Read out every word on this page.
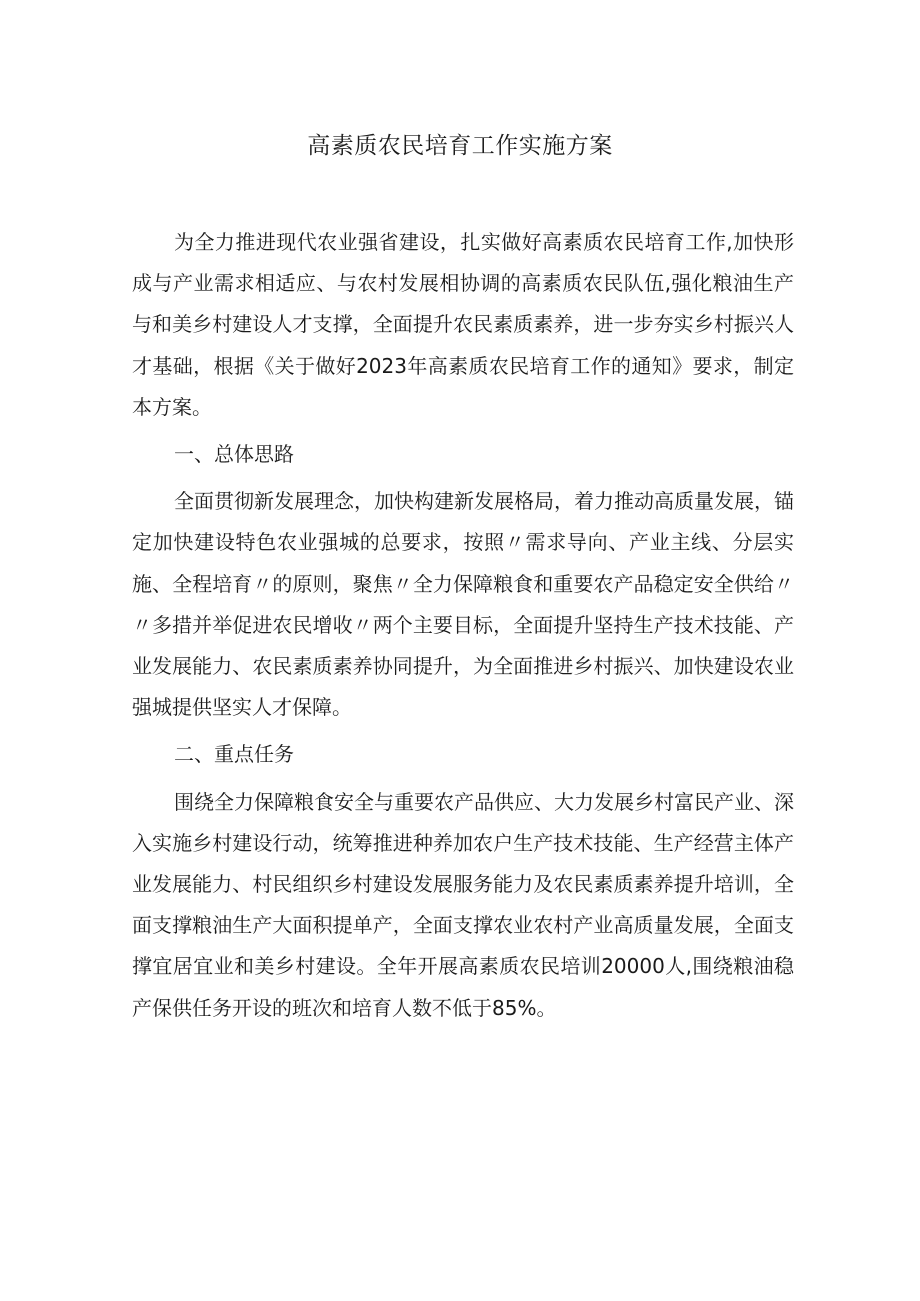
高素质农民培育工作实施方案

为全力推进现代农业强省建设，扎实做好高素质农民培育工作,加快形成与产业需求相适应、与农村发展相协调的高素质农民队伍,强化粮油生产与和美乡村建设人才支撑，全面提升农民素质素养，进一步夯实乡村振兴人才基础，根据《关于做好2023年高素质农民培育工作的通知》要求，制定本方案。

一、总体思路

全面贯彻新发展理念，加快构建新发展格局，着力推动高质量发展，锚定加快建设特色农业强城的总要求，按照〃需求导向、产业主线、分层实施、全程培育〃的原则，聚焦〃全力保障粮食和重要农产品稳定安全供给〃〃多措并举促进农民增收〃两个主要目标，全面提升坚持生产技术技能、产业发展能力、农民素质素养协同提升，为全面推进乡村振兴、加快建设农业强城提供坚实人才保障。

二、重点任务

围绕全力保障粮食安全与重要农产品供应、大力发展乡村富民产业、深入实施乡村建设行动，统筹推进种养加农户生产技术技能、生产经营主体产业发展能力、村民组织乡村建设发展服务能力及农民素质素养提升培训，全面支撑粮油生产大面积提单产，全面支撑农业农村产业高质量发展，全面支撑宜居宜业和美乡村建设。全年开展高素质农民培训20000人,围绕粮油稳产保供任务开设的班次和培育人数不低于85%。
